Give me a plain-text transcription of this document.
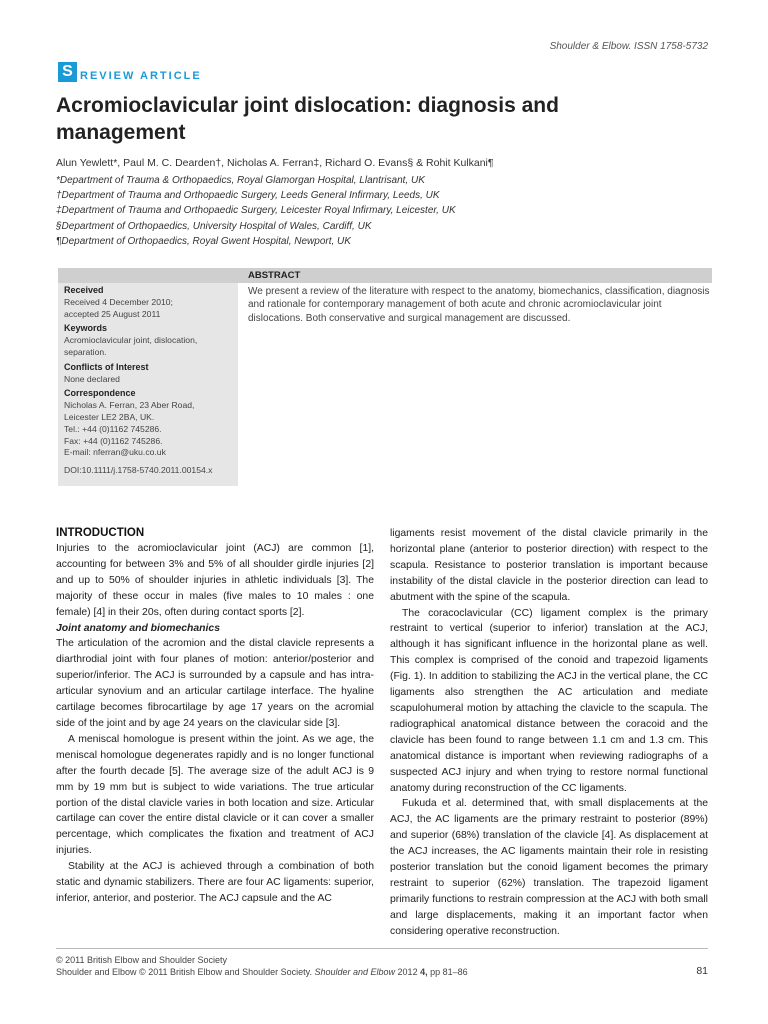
Shoulder & Elbow. ISSN 1758-5732
S REVIEW ARTICLE
Acromioclavicular joint dislocation: diagnosis and management
Alun Yewlett*, Paul M. C. Dearden†, Nicholas A. Ferran‡, Richard O. Evans§ & Rohit Kulkani¶
*Department of Trauma & Orthopaedics, Royal Glamorgan Hospital, Llantrisant, UK
†Department of Trauma and Orthopaedic Surgery, Leeds General Infirmary, Leeds, UK
‡Department of Trauma and Orthopaedic Surgery, Leicester Royal Infirmary, Leicester, UK
§Department of Orthopaedics, University Hospital of Wales, Cardiff, UK
¶Department of Orthopaedics, Royal Gwent Hospital, Newport, UK
Received
Received 4 December 2010;
accepted 25 August 2011
Keywords
Acromioclavicular joint, dislocation, separation.
Conflicts of Interest
None declared
Correspondence
Nicholas A. Ferran, 23 Aber Road,
Leicester LE2 2BA, UK.
Tel.: +44 (0)1162 745286.
Fax: +44 (0)1162 745286.
E-mail: nferran@uku.co.uk
DOI:10.1111/j.1758-5740.2011.00154.x
ABSTRACT
We present a review of the literature with respect to the anatomy, biomechanics, classification, diagnosis and rationale for contemporary management of both acute and chronic acromioclavicular joint dislocations. Both conservative and surgical management are discussed.

INTRODUCTION

Injuries to the acromioclavicular joint (ACJ) are common [1], accounting for between 3% and 5% of all shoulder girdle injuries [2] and up to 50% of shoulder injuries in athletic individuals [3]. The majority of these occur in males (five males to 10 males : one female) [4] in their 20s, often during contact sports [2].

Joint anatomy and biomechanics

The articulation of the acromion and the distal clavicle represents a diarthrodial joint with four planes of motion: anterior/posterior and superior/inferior. The ACJ is surrounded by a capsule and has intra-articular synovium and an articular cartilage interface. The hyaline cartilage becomes fibrocartilage by age 17 years on the acromial side of the joint and by age 24 years on the clavicular side [3].

A meniscal homologue is present within the joint. As we age, the meniscal homologue degenerates rapidly and is no longer functional after the fourth decade [5]. The average size of the adult ACJ is 9 mm by 19 mm but is subject to wide variations. The true articular portion of the distal clavicle varies in both location and size. Articular cartilage can cover the entire distal clavicle or it can cover a smaller percentage, which complicates the fixation and treatment of ACJ injuries.

Stability at the ACJ is achieved through a combination of both static and dynamic stabilizers. There are four AC ligaments: superior, inferior, anterior, and posterior. The ACJ capsule and the AC

ligaments resist movement of the distal clavicle primarily in the horizontal plane (anterior to posterior direction) with respect to the scapula. Resistance to posterior translation is important because instability of the distal clavicle in the posterior direction can lead to abutment with the spine of the scapula.

The coracoclavicular (CC) ligament complex is the primary restraint to vertical (superior to inferior) translation at the ACJ, although it has significant influence in the horizontal plane as well. This complex is comprised of the conoid and trapezoid ligaments (Fig. 1). In addition to stabilizing the ACJ in the vertical plane, the CC ligaments also strengthen the AC articulation and mediate scapulohumeral motion by attaching the clavicle to the scapula. The radiographical anatomical distance between the coracoid and the clavicle has been found to range between 1.1 cm and 1.3 cm. This anatomical distance is important when reviewing radiographs of a suspected ACJ injury and when trying to restore normal functional anatomy during reconstruction of the CC ligaments.

Fukuda et al. determined that, with small displacements at the ACJ, the AC ligaments are the primary restraint to posterior (89%) and superior (68%) translation of the clavicle [4]. As displacement at the ACJ increases, the AC ligaments maintain their role in resisting posterior translation but the conoid ligament becomes the primary restraint to superior (62%) translation. The trapezoid ligament primarily functions to restrain compression at the ACJ with both small and large displacements, making it an important factor when considering operative reconstruction.

© 2011 British Elbow and Shoulder Society
Shoulder and Elbow © 2011 British Elbow and Shoulder Society. Shoulder and Elbow 2012 4, pp 81–86	81
